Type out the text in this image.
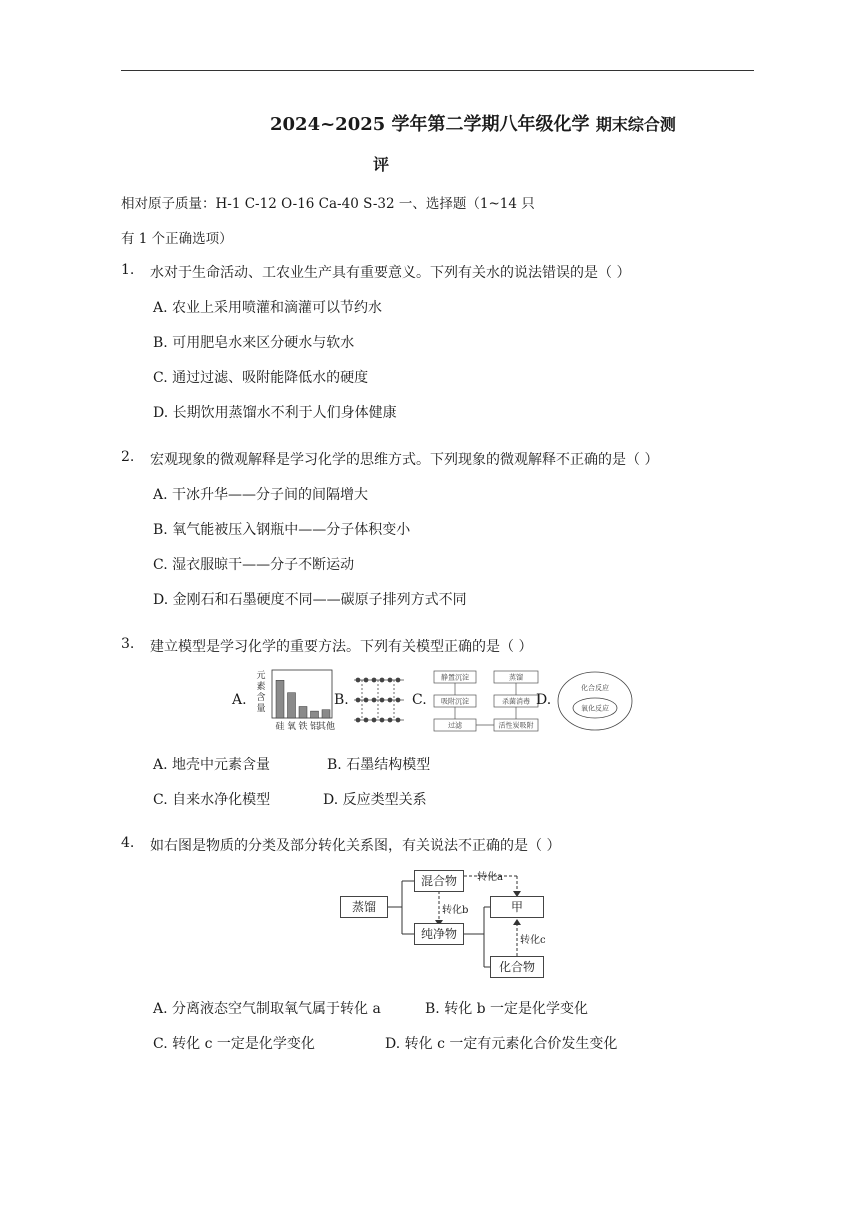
2024~2025 学年第二学期八年级化学 期末综合测
评
相对原子质量：H-1 C-12 O-16 Ca-40 S-32 一、选择题（1~14 只
有 1 个正确选项）
1. 水对于生命活动、工农业生产具有重要意义。下列有关水的说法错误的是（ ）
A. 农业上采用喷灌和滴灌可以节约水
B. 可用肥皂水来区分硬水与软水
C. 通过过滤、吸附能降低水的硬度
D. 长期饮用蒸馏水不利于人们身体健康
2. 宏观现象的微观解释是学习化学的思维方式。下列现象的微观解释不正确的是（ ）
A. 干冰升华——分子间的间隔增大
B. 氧气能被压入钢瓶中——分子体积变小
C. 湿衣服晾干——分子不断运动
D. 金刚石和石墨硬度不同——碳原子排列方式不同
3. 建立模型是学习化学的重要方法。下列有关模型正确的是（ ）
A.
元
素
含
量
硅 氧 铁 铝
其他
B.	C.
静置沉淀
吸附沉淀
过滤
蒸馏
杀菌消毒
活性炭吸附
D.
化合反应
氧化反应
A. 地壳中元素含量	B. 石墨结构模型
C. 自来水净化模型	D. 反应类型关系
4. 如右图是物质的分类及部分转化关系图，有关说法不正确的是（ ）
蒸馏
混合物
纯净物
甲
化合物
转化a
转化b
转化c
A. 分离液态空气制取氧气属于转化 a	B. 转化 b 一定是化学变化
C. 转化 c 一定是化学变化	D. 转化 c 一定有元素化合价发生变化
